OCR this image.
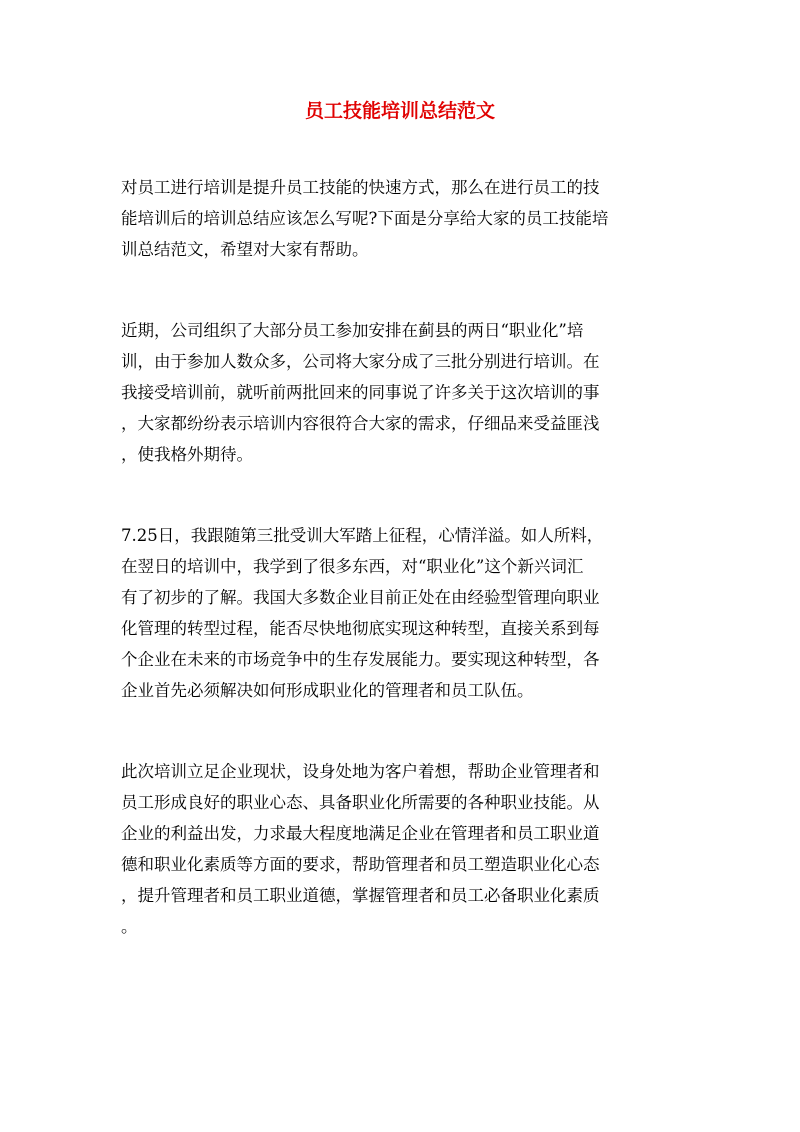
员工技能培训总结范文

对员工进行培训是提升员工技能的快速方式，那么在进行员工的技
能培训后的培训总结应该怎么写呢?下面是分享给大家的员工技能培
训总结范文，希望对大家有帮助。

近期，公司组织了大部分员工参加安排在蓟县的两日“职业化”培
训，由于参加人数众多，公司将大家分成了三批分别进行培训。在
我接受培训前，就听前两批回来的同事说了许多关于这次培训的事
，大家都纷纷表示培训内容很符合大家的需求，仔细品来受益匪浅
，使我格外期待。

7.25日，我跟随第三批受训大军踏上征程，心情洋溢。如人所料，
在翌日的培训中，我学到了很多东西，对“职业化”这个新兴词汇
有了初步的了解。我国大多数企业目前正处在由经验型管理向职业
化管理的转型过程，能否尽快地彻底实现这种转型，直接关系到每
个企业在未来的市场竞争中的生存发展能力。要实现这种转型，各
企业首先必须解决如何形成职业化的管理者和员工队伍。

此次培训立足企业现状，设身处地为客户着想，帮助企业管理者和
员工形成良好的职业心态、具备职业化所需要的各种职业技能。从
企业的利益出发，力求最大程度地满足企业在管理者和员工职业道
德和职业化素质等方面的要求，帮助管理者和员工塑造职业化心态
，提升管理者和员工职业道德，掌握管理者和员工必备职业化素质
。
